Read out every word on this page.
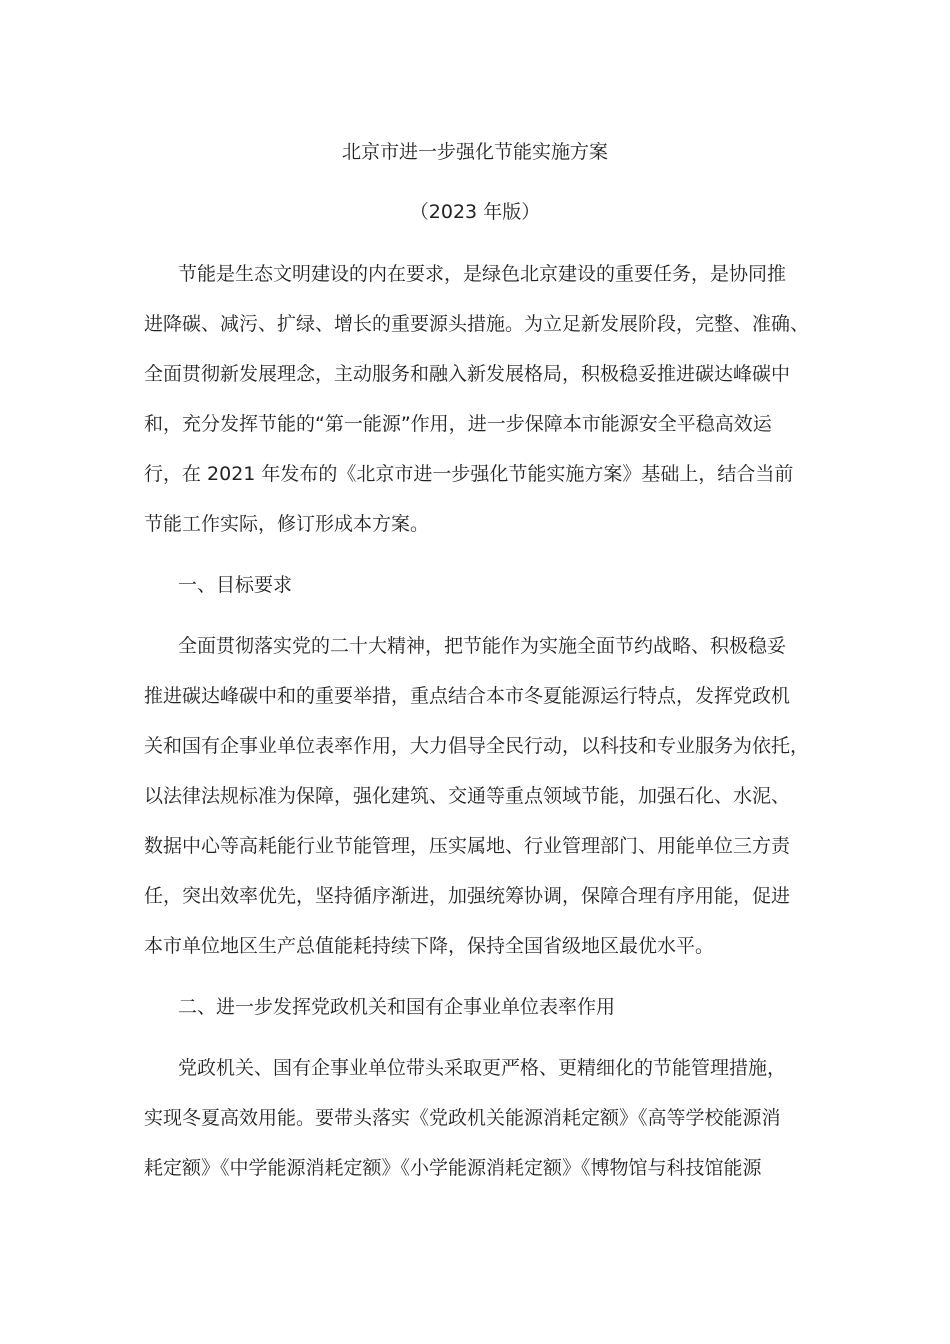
北京市进一步强化节能实施方案
（2023 年版）
节能是生态文明建设的内在要求，是绿色北京建设的重要任务，是协同推
进降碳、减污、扩绿、增长的重要源头措施。为立足新发展阶段，完整、准确、
全面贯彻新发展理念，主动服务和融入新发展格局，积极稳妥推进碳达峰碳中
和，充分发挥节能的“第一能源”作用，进一步保障本市能源安全平稳高效运
行，在 2021 年发布的《北京市进一步强化节能实施方案》基础上，结合当前
节能工作实际，修订形成本方案。
一、目标要求
全面贯彻落实党的二十大精神，把节能作为实施全面节约战略、积极稳妥
推进碳达峰碳中和的重要举措，重点结合本市冬夏能源运行特点，发挥党政机
关和国有企事业单位表率作用，大力倡导全民行动，以科技和专业服务为依托，
以法律法规标准为保障，强化建筑、交通等重点领域节能，加强石化、水泥、
数据中心等高耗能行业节能管理，压实属地、行业管理部门、用能单位三方责
任，突出效率优先，坚持循序渐进，加强统筹协调，保障合理有序用能，促进
本市单位地区生产总值能耗持续下降，保持全国省级地区最优水平。
二、进一步发挥党政机关和国有企事业单位表率作用
党政机关、国有企事业单位带头采取更严格、更精细化的节能管理措施，
实现冬夏高效用能。要带头落实《党政机关能源消耗定额》《高等学校能源消
耗定额》《中学能源消耗定额》《小学能源消耗定额》《博物馆与科技馆能源
